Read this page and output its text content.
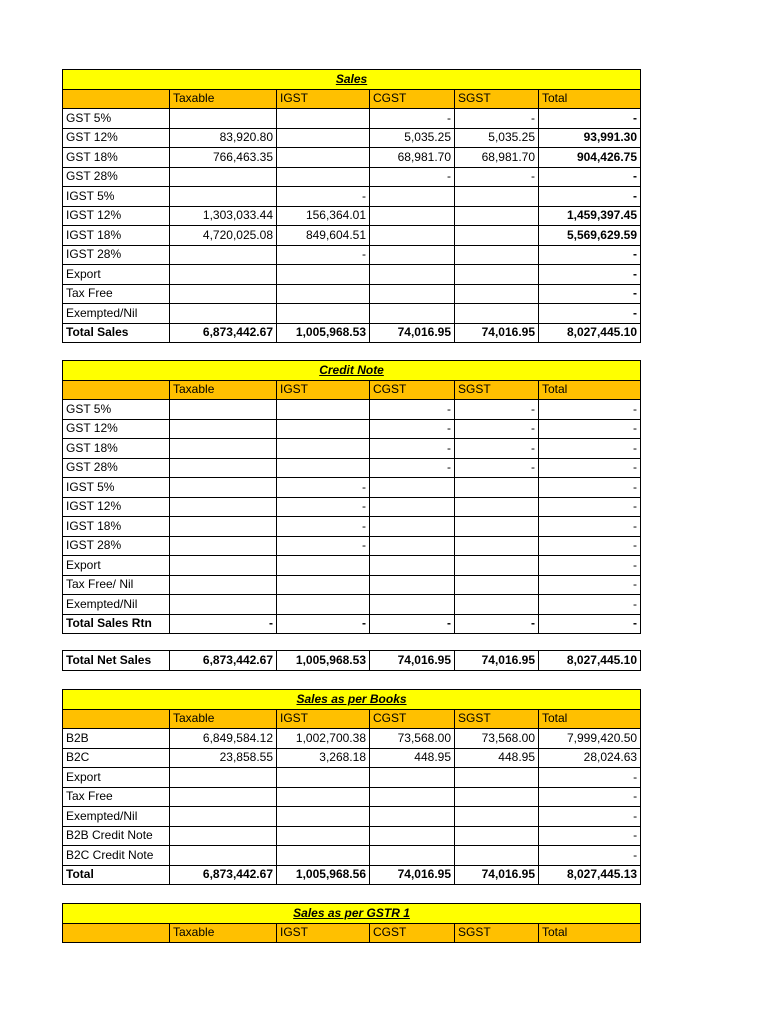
Sales					
	Taxable	IGST	CGST	SGST	Total
GST 5%			-	-	-
GST 12%	83,920.80		5,035.25	5,035.25	93,991.30
GST 18%	766,463.35		68,981.70	68,981.70	904,426.75
GST 28%			-	-	-
IGST 5%		-			-
IGST 12%	1,303,033.44	156,364.01			1,459,397.45
IGST 18%	4,720,025.08	849,604.51			5,569,629.59
IGST 28%		-			-
Export					-
Tax Free					-
Exempted/Nil					-
Total Sales	6,873,442.67	1,005,968.53	74,016.95	74,016.95	8,027,445.10
Credit Note					
	Taxable	IGST	CGST	SGST	Total
GST 5%			-	-	-
GST 12%			-	-	-
GST 18%			-	-	-
GST 28%			-	-	-
IGST 5%		-			-
IGST 12%		-			-
IGST 18%		-			-
IGST 28%		-			-
Export					-
Tax Free/ Nil					-
Exempted/Nil					-
Total Sales Rtn	-	-	-	-	-
Total Net Sales	6,873,442.67	1,005,968.53	74,016.95	74,016.95	8,027,445.10
Sales as per Books					
	Taxable	IGST	CGST	SGST	Total
B2B	6,849,584.12	1,002,700.38	73,568.00	73,568.00	7,999,420.50
B2C	23,858.55	3,268.18	448.95	448.95	28,024.63
Export					-
Tax Free					-
Exempted/Nil					-
B2B Credit Note					-
B2C Credit Note					-
Total	6,873,442.67	1,005,968.56	74,016.95	74,016.95	8,027,445.13
Sales as per GSTR 1
	Taxable	IGST	CGST	SGST	Total
